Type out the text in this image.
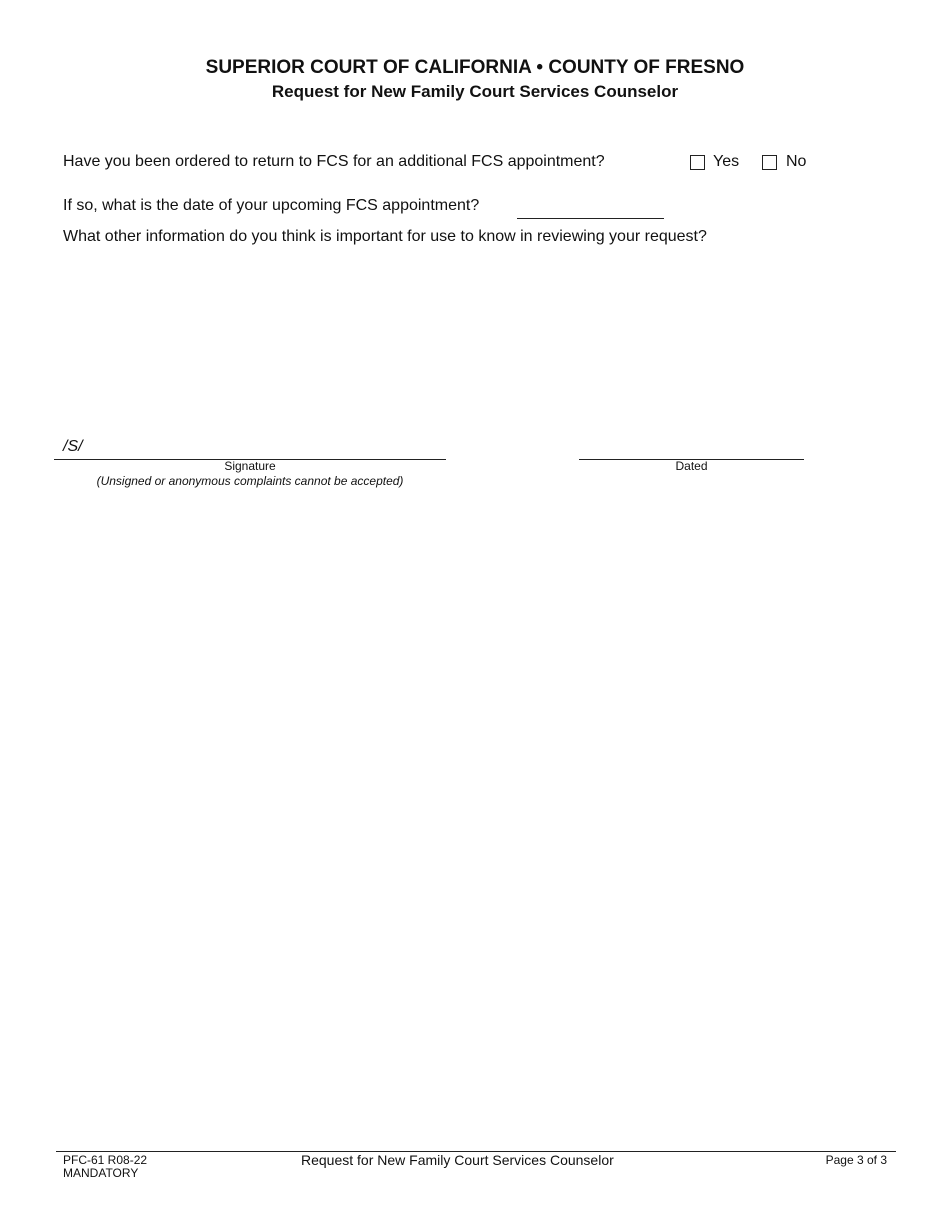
SUPERIOR COURT OF CALIFORNIA • COUNTY OF FRESNO
Request for New Family Court Services Counselor
Have you been ordered to return to FCS for an additional FCS appointment?	Yes	No
If so, what is the date of your upcoming FCS appointment?
What other information do you think is important for use to know in reviewing your request?
/S/
Signature
(Unsigned or anonymous complaints cannot be accepted)
Dated
PFC-61 R08-22
MANDATORY
Request for New Family Court Services Counselor	Page 3 of 3
